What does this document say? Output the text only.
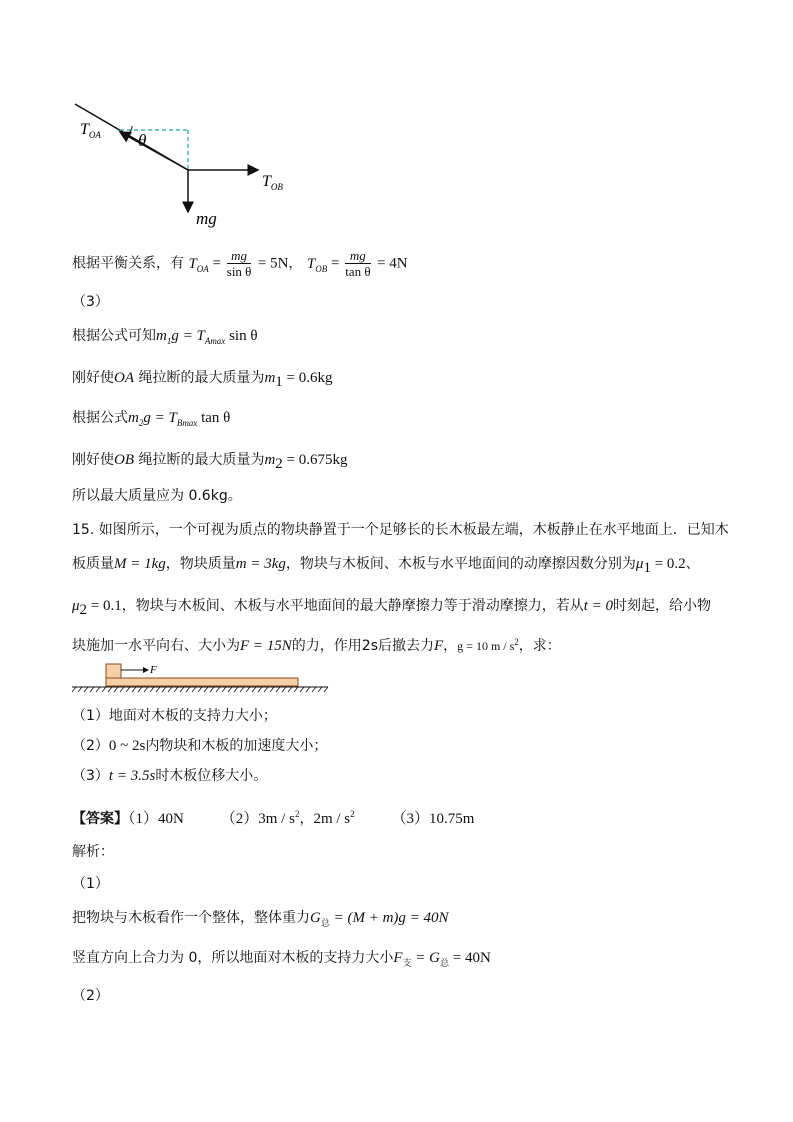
$T_{OA}$ θ
$T_{OB}$
mg
根据平衡关系，有 $T_{OA} = \frac{mg}{\text{sin θ}} = 5N$， $T_{OB} = \frac{mg}{\text{tan θ}} = 4N$
（3）
根据公式可知$m_1g = T_{Amax}$ sin θ
刚好使OA 绳拉断的最大质量为$m_1 = 0.6kg$
根据公式$m_2g = T_{Bmax}$ tan θ
刚好使OB 绳拉断的最大质量为$m_2 = 0.675kg$
所以最大质量应为 0.6kg。
15. 如图所示，一个可视为质点的物块静置于一个足够长的长木板最左端，木板静止在水平地面上．已知木
板质量M = 1kg，物块质量m = 3kg，物块与木板间、木板与水平地面间的动摩擦因数分别为$\mu_1 = 0.2$、
$\mu_2 = 0.1$，物块与木板间、木板与水平地面间的最大静摩擦力等于滑动摩擦力，若从t = 0时刻起，给小物
块施加一水平向右、大小为F = 15N的力，作用2s后撤去力F，g = 10 m / $s^2$，求：
F
（1）地面对木板的支持力大小；
（2）0 ~ 2s内物块和木板的加速度大小；
（3）t = 3.5s时木板位移大小。
【答案】（1）40N $(2)3m / s^2$，$2m / s^2$ （3）10.75m
解析：
（1）
把物块与木板看作一个整体，整体重力$G_总 = (M + m)g = 40N$
竖直方向上合力为 0，所以地面对木板的支持力大小$F_支 = G_总 = 40N$
（2）
